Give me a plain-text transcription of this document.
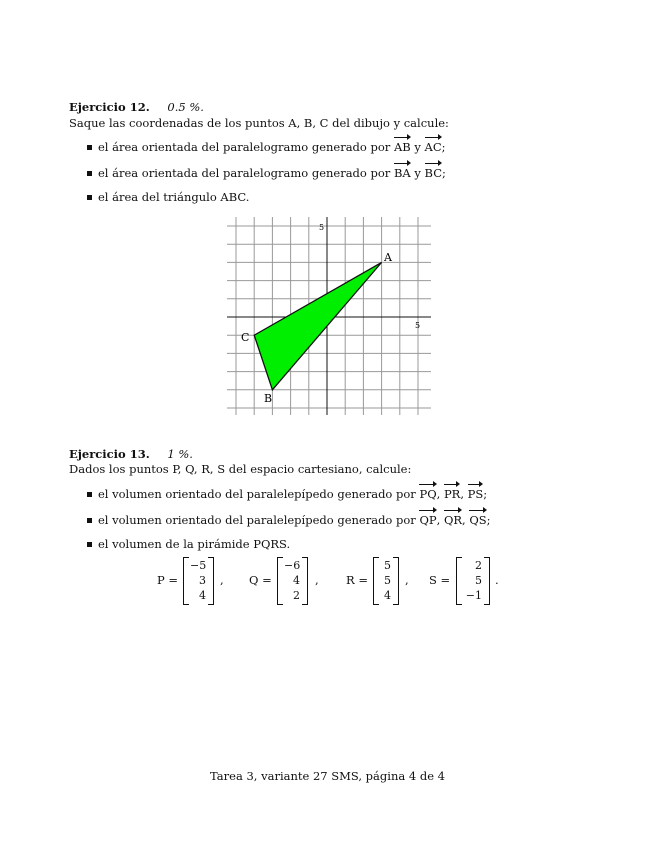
Ejercicio 12. 0.5 %.
Saque las coordenadas de los puntos A, B, C del dibujo y calcule:
el área orientada del paralelogramo generado por AB y AC;
el área orientada del paralelogramo generado por BA y BC;
el área del triángulo ABC.
5
5
A
B
C
Ejercicio 13. 1 %.
Dados los puntos P, Q, R, S del espacio cartesiano, calcule:
el volumen orientado del paralelepípedo generado por PQ, PR, PS;
el volumen orientado del paralelepípedo generado por QP, QR, QS;
el volumen de la pirámide PQRS.
P =
−5
3
4
, Q =
−6
4
2
, R =
5
5
4
, S =
2
5
−1
.
Tarea 3, variante 27 SMS, página 4 de 4
